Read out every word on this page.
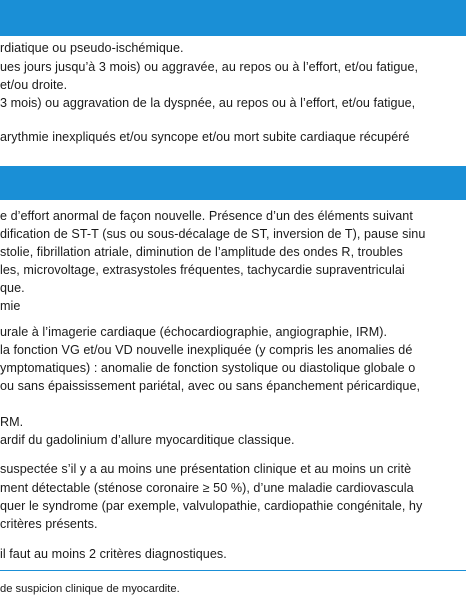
rdiatique ou pseudo-ischémique.
ues jours jusqu’à 3 mois) ou aggravée, au repos ou à l’effort, et/ou fatigue,
et/ou droite.
3 mois) ou aggravation de la dyspnée, au repos ou à l’effort, et/ou fatigue,
arythmie inexpliqués et/ou syncope et/ou mort subite cardiaque récupéré
e d’effort anormal de façon nouvelle. Présence d’un des éléments suivant
dification de ST-T (sus ou sous-décalage de ST, inversion de T), pause sinu
stolie, fibrillation atriale, diminution de l’amplitude des ondes R, troubles
les, microvoltage, extrasystoles fréquentes, tachycardie supraventriculai
que.
mie
urale à l’imagerie cardiaque (échocardiographie, angiographie, IRM).
la fonction VG et/ou VD nouvelle inexpliquée (y compris les anomalies dé
ymptomatiques) : anomalie de fonction systolique ou diastolique globale o
ou sans épaississement pariétal, avec ou sans épanchement péricardique,
RM.
ardif du gadolinium d’allure myocarditique classique.
suspectée s’il y a au moins une présentation clinique et au moins un critè
ment détectable (sténose coronaire ≥ 50 %), d’une maladie cardiovascula
quer le syndrome (par exemple, valvulopathie, cardiopathie congénitale, hy
critères présents.
il faut au moins 2 critères diagnostiques.
de suspicion clinique de myocardite.
